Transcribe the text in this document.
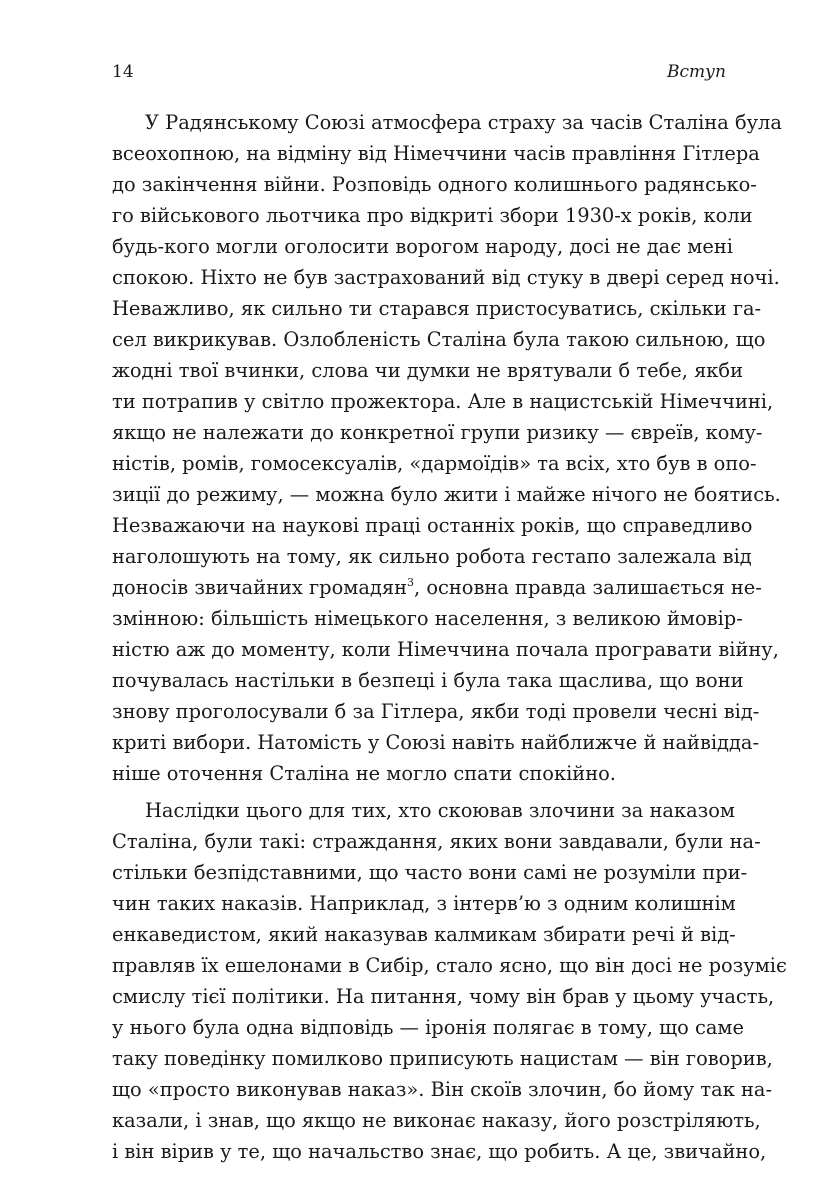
14	Вступ
У Радянському Союзі атмосфера страху за часів Сталіна була
всеохопною, на відміну від Німеччини часів правління Гітлера
до закінчення війни. Розповідь одного колишнього радянсько-
го військового льотчика про відкриті збори 1930-х років, коли
будь-кого могли оголосити ворогом народу, досі не дає мені
спокою. Ніхто не був застрахований від стуку в двері серед ночі.
Неважливо, як сильно ти старався пристосуватись, скільки га-
сел викрикував. Озлобленість Сталіна була такою сильною, що
жодні твої вчинки, слова чи думки не врятували б тебе, якби
ти потрапив у світло прожектора. Але в нацистській Німеччині,
якщо не належати до конкретної групи ризику — євреїв, кому-
ністів, ромів, гомосексуалів, «дармоїдів» та всіх, хто був в опо-
зиції до режиму, — можна було жити і майже нічого не боятись.
Незважаючи на наукові праці останніх років, що справедливо
наголошують на тому, як сильно робота гестапо залежала від
доносів звичайних громадян$^3$, основна правда залишається не-
змінною: більшість німецького населення, з великою ймовір-
ністю аж до моменту, коли Німеччина почала програвати війну,
почувалась настільки в безпеці і була така щаслива, що вони
знову проголосували б за Гітлера, якби тоді провели чесні від-
криті вибори. Натомість у Союзі навіть найближче й найвідда-
ніше оточення Сталіна не могло спати спокійно.
Наслідки цього для тих, хто скоював злочини за наказом
Сталіна, були такі: страждання, яких вони завдавали, були на-
стільки безпідставними, що часто вони самі не розуміли при-
чин таких наказів. Наприклад, з інтерв’ю з одним колишнім
енкаведистом, який наказував калмикам збирати речі й від-
правляв їх ешелонами в Сибір, стало ясно, що він досі не розуміє
смислу тієї політики. На питання, чому він брав у цьому участь,
у нього була одна відповідь — іронія полягає в тому, що саме
таку поведінку помилково приписують нацистам — він говорив,
що «просто виконував наказ». Він скоїв злочин, бо йому так на-
казали, і знав, що якщо не виконає наказу, його розстріляють,
і він вірив у те, що начальство знає, що робить. А це, звичайно,
